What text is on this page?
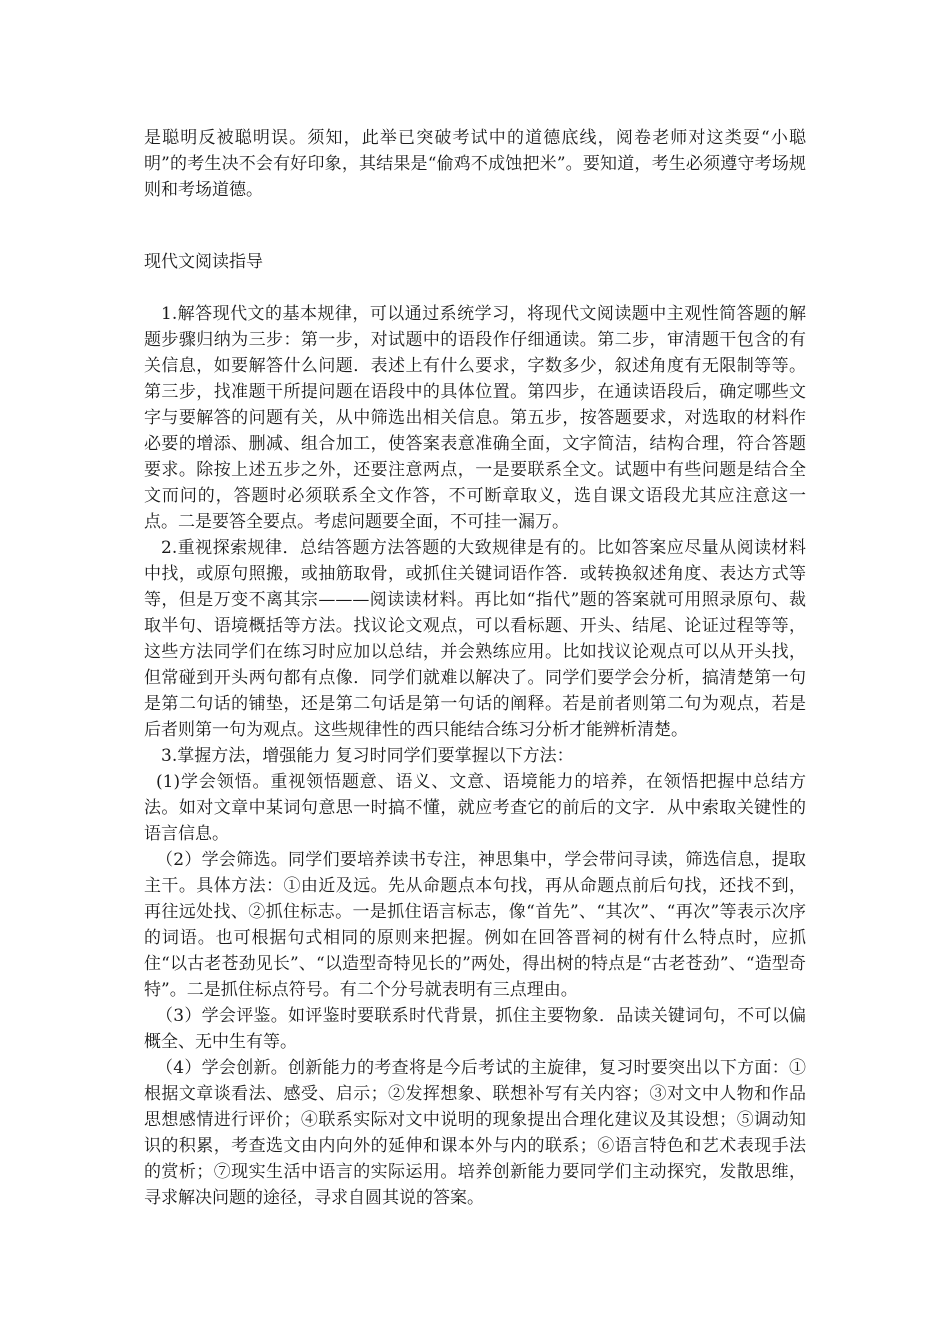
是聪明反被聪明误。须知，此举已突破考试中的道德底线，阅卷老师对这类耍“小聪明”的考生决不会有好印象，其结果是“偷鸡不成蚀把米”。要知道，考生必须遵守考场规则和考场道德。

现代文阅读指导

1.解答现代文的基本规律，可以通过系统学习，将现代文阅读题中主观性简答题的解题步骤归纳为三步：第一步，对试题中的语段作仔细通读。第二步，审清题干包含的有关信息，如要解答什么问题．表述上有什么要求，字数多少，叙述角度有无限制等等。第三步，找准题干所提问题在语段中的具体位置。第四步，在通读语段后，确定哪些文字与要解答的问题有关，从中筛选出相关信息。第五步，按答题要求，对选取的材料作必要的增添、删减、组合加工，使答案表意准确全面，文字简洁，结构合理，符合答题要求。除按上述五步之外，还要注意两点，一是要联系全文。试题中有些问题是结合全文而问的，答题时必须联系全文作答，不可断章取义，选自课文语段尤其应注意这一点。二是要答全要点。考虑问题要全面，不可挂一漏万。

2.重视探索规律．总结答题方法答题的大致规律是有的。比如答案应尽量从阅读材料中找，或原句照搬，或抽筋取骨，或抓住关键词语作答．或转换叙述角度、表达方式等等，但是万变不离其宗———阅读读材料。再比如“指代”题的答案就可用照录原句、裁取半句、语境概括等方法。找议论文观点，可以看标题、开头、结尾、论证过程等等，这些方法同学们在练习时应加以总结，并会熟练应用。比如找议论观点可以从开头找，但常碰到开头两句都有点像．同学们就难以解决了。同学们要学会分析，搞清楚第一句是第二句话的铺垫，还是第二句话是第一句话的阐释。若是前者则第二句为观点，若是后者则第一句为观点。这些规律性的西只能结合练习分析才能辨析清楚。

3.掌握方法，增强能力 复习时同学们要掌握以下方法：

(1)学会领悟。重视领悟题意、语义、文意、语境能力的培养，在领悟把握中总结方法。如对文章中某词句意思一时搞不懂，就应考查它的前后的文字．从中索取关键性的语言信息。

（2）学会筛选。同学们要培养读书专注，神思集中，学会带问寻读，筛选信息，提取主干。具体方法：①由近及远。先从命题点本句找，再从命题点前后句找，还找不到，再往远处找、②抓住标志。一是抓住语言标志，像“首先”、“其次”、“再次”等表示次序的词语。也可根据句式相同的原则来把握。例如在回答晋祠的树有什么特点时，应抓住“以古老苍劲见长”、“以造型奇特见长的”两处，得出树的特点是“古老苍劲”、“造型奇特”。二是抓住标点符号。有二个分号就表明有三点理由。

（3）学会评鉴。如评鉴时要联系时代背景，抓住主要物象．品读关键词句，不可以偏概全、无中生有等。

（4）学会创新。创新能力的考查将是今后考试的主旋律，复习时要突出以下方面：①根据文章谈看法、感受、启示；②发挥想象、联想补写有关内容；③对文中人物和作品思想感情进行评价；④联系实际对文中说明的现象提出合理化建议及其设想；⑤调动知识的积累，考查选文由内向外的延伸和课本外与内的联系；⑥语言特色和艺术表现手法的赏析；⑦现实生活中语言的实际运用。培养创新能力要同学们主动探究，发散思维，寻求解决问题的途径，寻求自圆其说的答案。
